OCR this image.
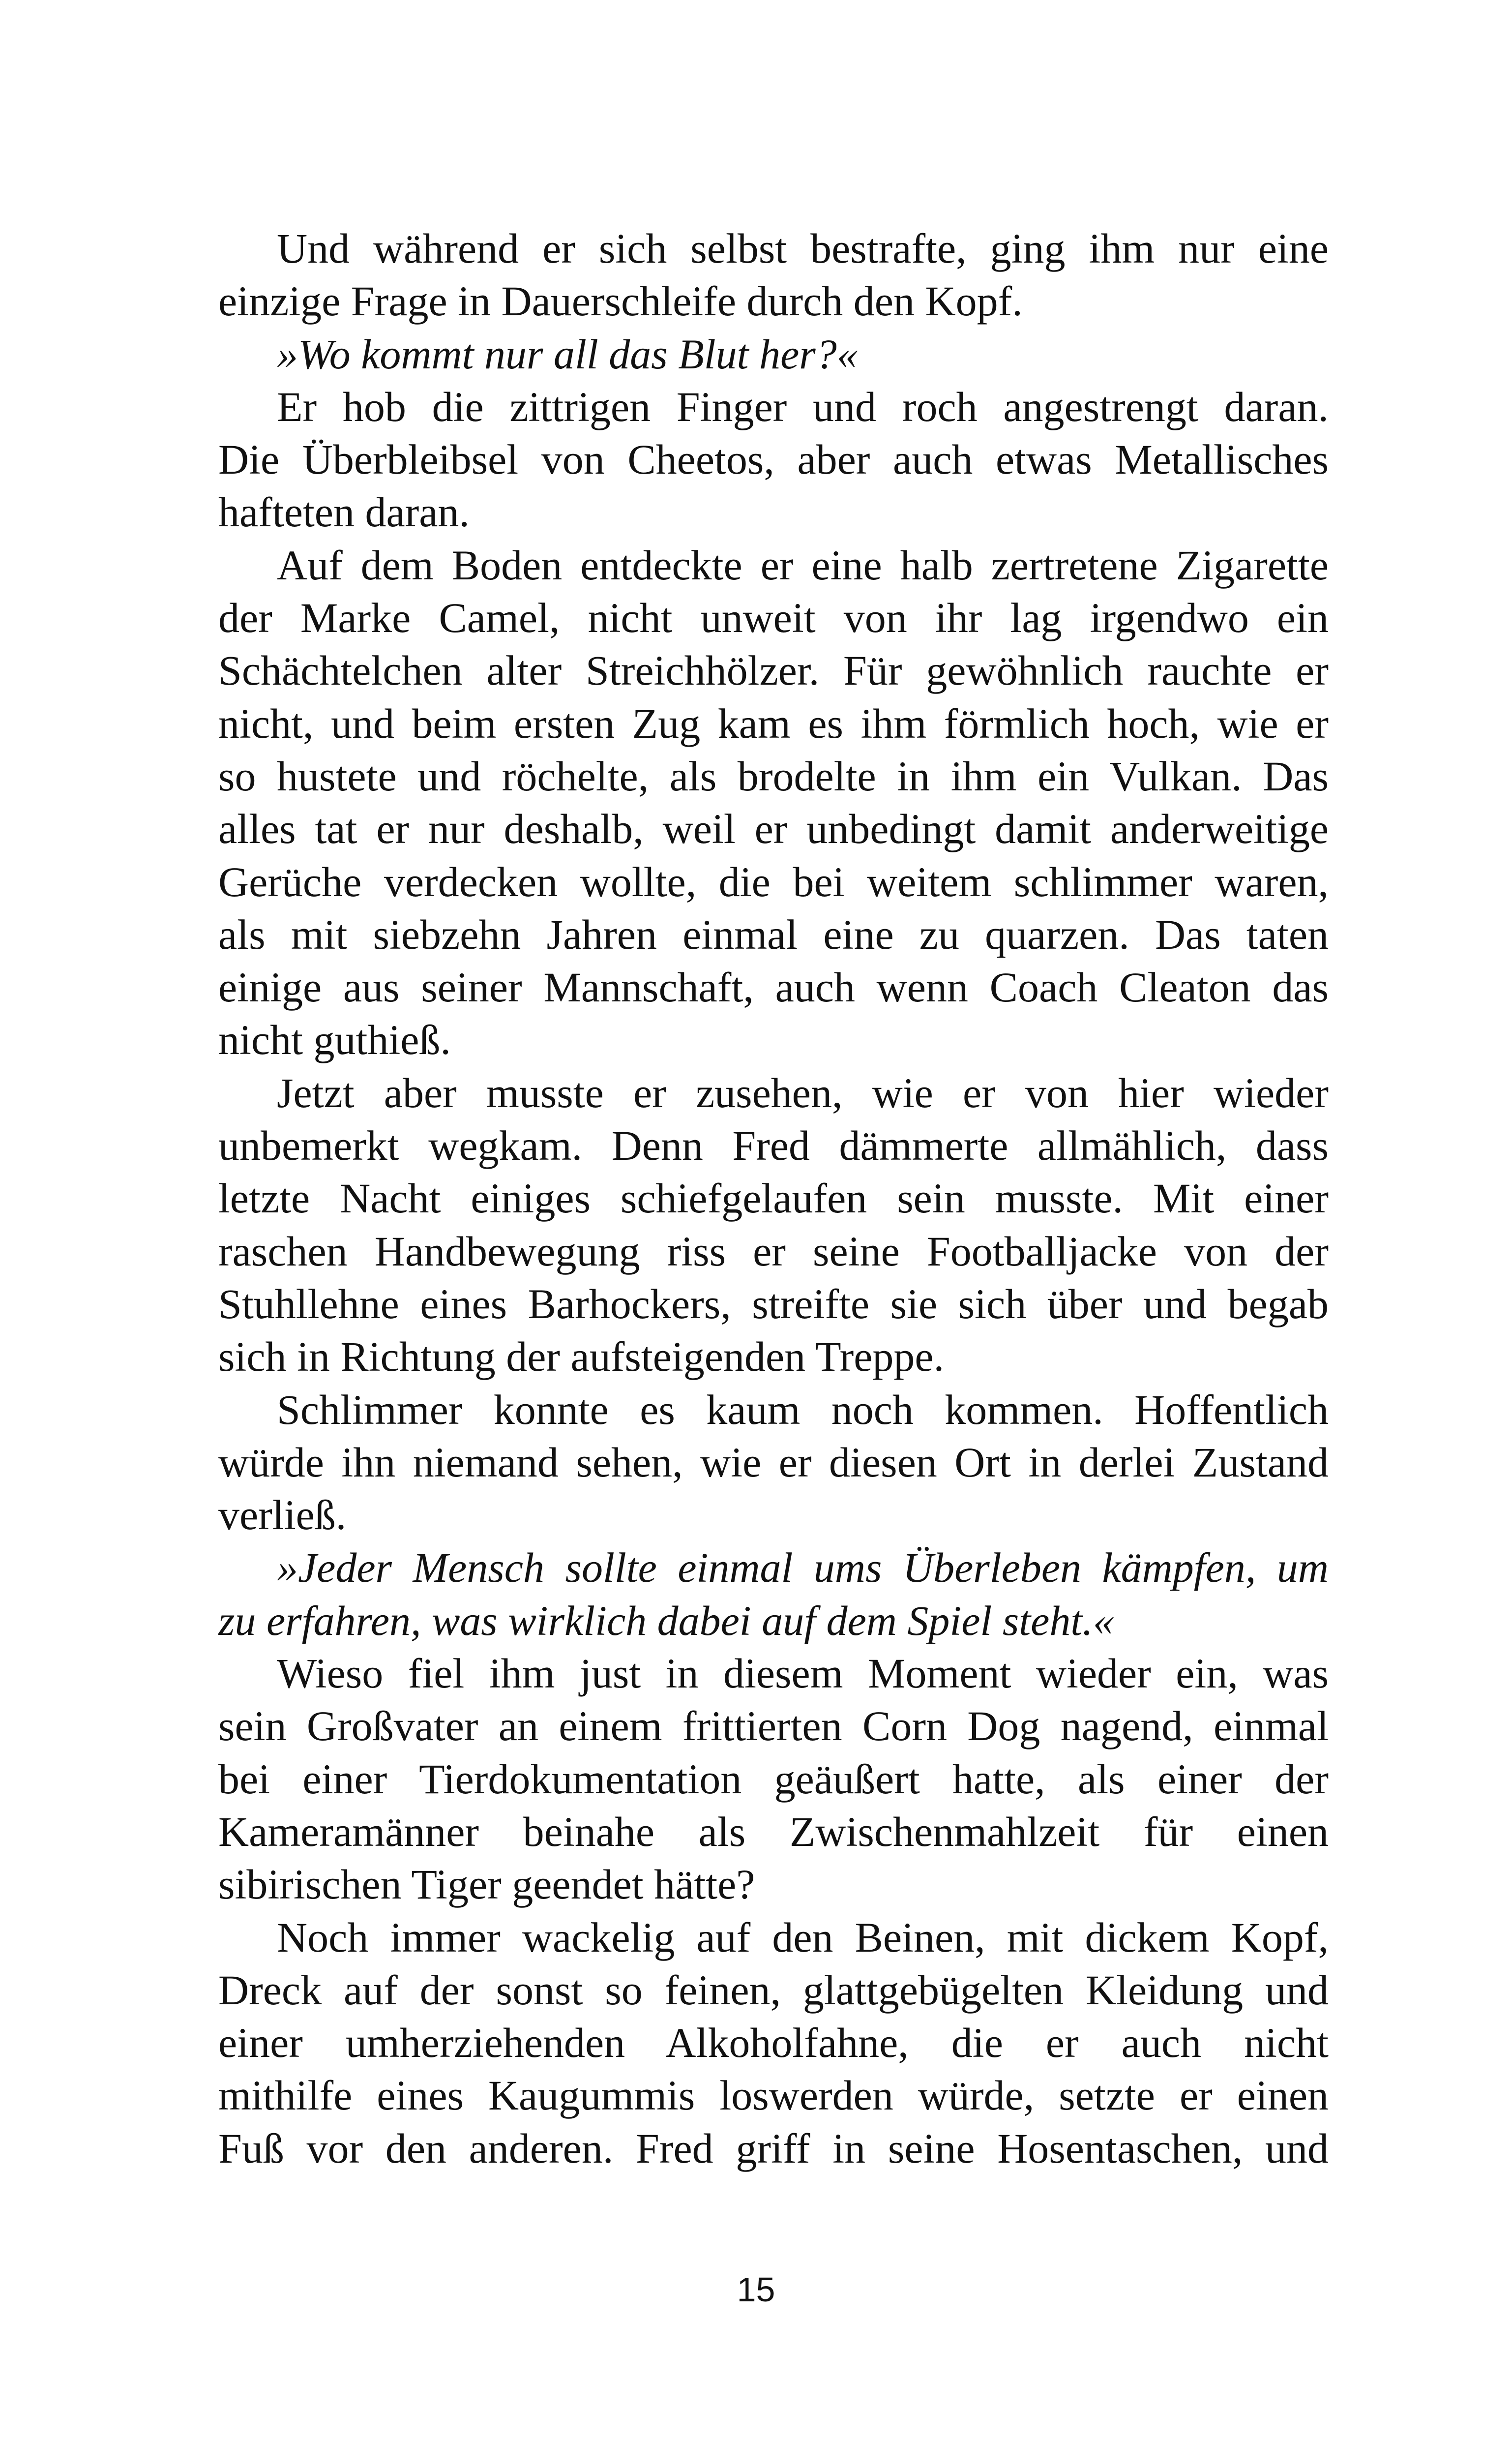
Und während er sich selbst bestrafte, ging ihm nur eine
einzige Frage in Dauerschleife durch den Kopf.
»Wo kommt nur all das Blut her?«
Er hob die zittrigen Finger und roch angestrengt daran.
Die Überbleibsel von Cheetos, aber auch etwas Metallisches
hafteten daran.
Auf dem Boden entdeckte er eine halb zertretene Zigarette
der Marke Camel, nicht unweit von ihr lag irgendwo ein
Schächtelchen alter Streichhölzer. Für gewöhnlich rauchte er
nicht, und beim ersten Zug kam es ihm förmlich hoch, wie er
so hustete und röchelte, als brodelte in ihm ein Vulkan. Das
alles tat er nur deshalb, weil er unbedingt damit anderweitige
Gerüche verdecken wollte, die bei weitem schlimmer waren,
als mit siebzehn Jahren einmal eine zu quarzen. Das taten
einige aus seiner Mannschaft, auch wenn Coach Cleaton das
nicht guthieß.
Jetzt aber musste er zusehen, wie er von hier wieder
unbemerkt wegkam. Denn Fred dämmerte allmählich, dass
letzte Nacht einiges schiefgelaufen sein musste. Mit einer
raschen Handbewegung riss er seine Footballjacke von der
Stuhllehne eines Barhockers, streifte sie sich über und begab
sich in Richtung der aufsteigenden Treppe.
Schlimmer konnte es kaum noch kommen. Hoffentlich
würde ihn niemand sehen, wie er diesen Ort in derlei Zustand
verließ.
»Jeder Mensch sollte einmal ums Überleben kämpfen, um
zu erfahren, was wirklich dabei auf dem Spiel steht.«
Wieso fiel ihm just in diesem Moment wieder ein, was
sein Großvater an einem frittierten Corn Dog nagend, einmal
bei einer Tierdokumentation geäußert hatte, als einer der
Kameramänner beinahe als Zwischenmahlzeit für einen
sibirischen Tiger geendet hätte?
Noch immer wackelig auf den Beinen, mit dickem Kopf,
Dreck auf der sonst so feinen, glattgebügelten Kleidung und
einer umherziehenden Alkoholfahne, die er auch nicht
mithilfe eines Kaugummis loswerden würde, setzte er einen
Fuß vor den anderen. Fred griff in seine Hosentaschen, und
15
